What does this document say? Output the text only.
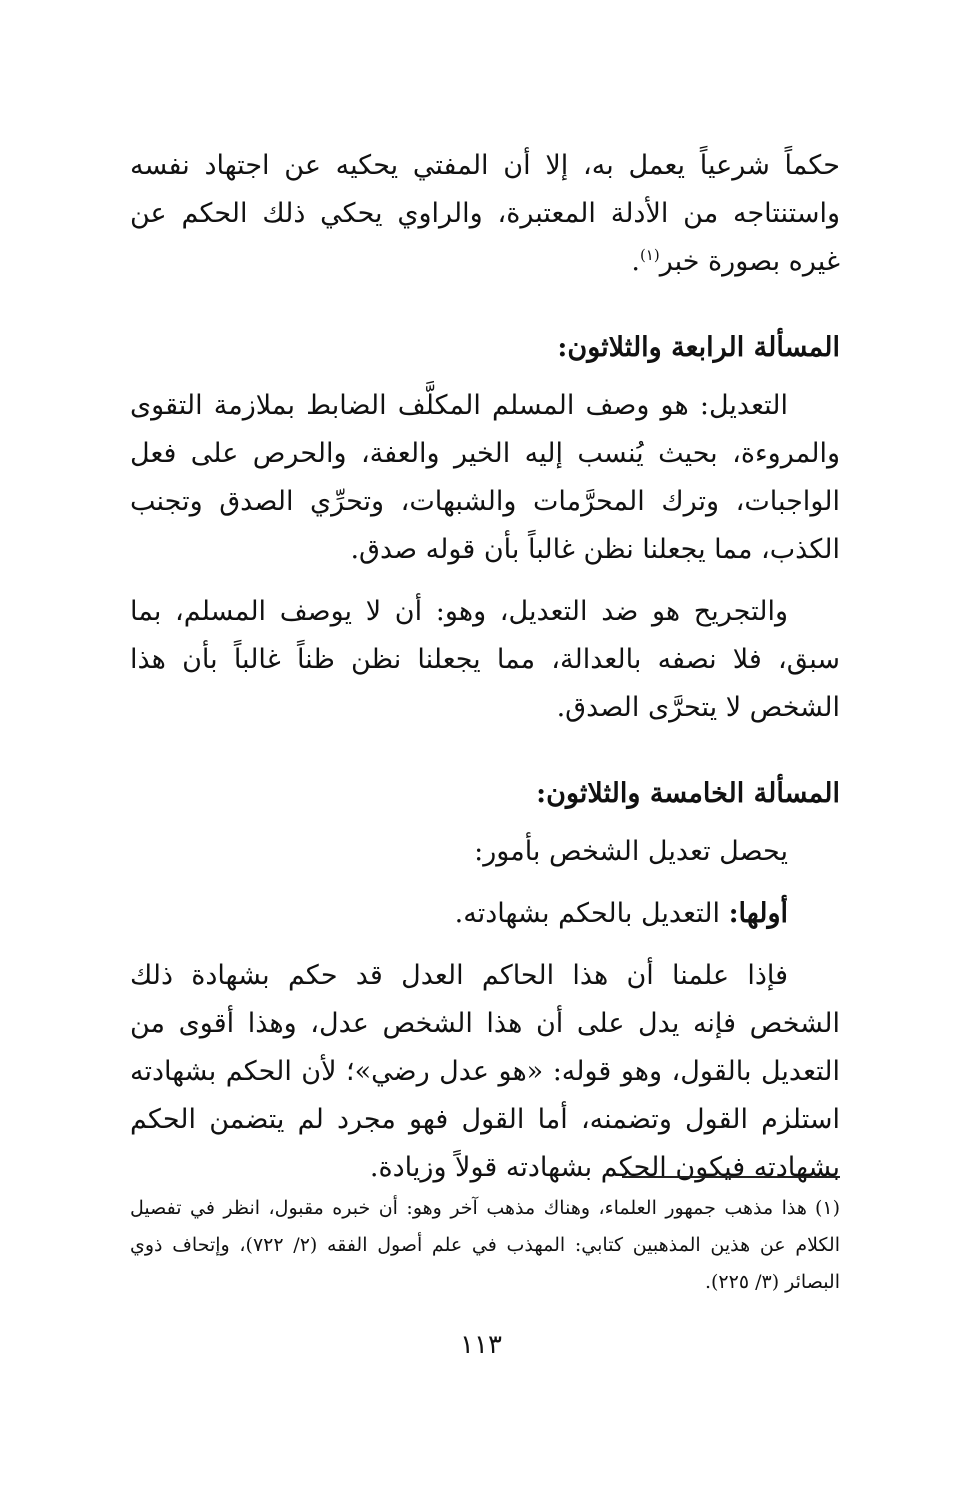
حكماً شرعياً يعمل به، إلا أن المفتي يحكيه عن اجتهاد نفسه واستنتاجه من الأدلة المعتبرة، والراوي يحكي ذلك الحكم عن غيره بصورة خبر$^{(١)}$.

المسألة الرابعة والثلاثون:

التعديل: هو وصف المسلم المكلَّف الضابط بملازمة التقوى والمروءة، بحيث يُنسب إليه الخير والعفة، والحرص على فعل الواجبات، وترك المحرَّمات والشبهات، وتحرِّي الصدق وتجنب الكذب، مما يجعلنا نظن غالباً بأن قوله صدق.

والتجريح هو ضد التعديل، وهو: أن لا يوصف المسلم، بما سبق، فلا نصفه بالعدالة، مما يجعلنا نظن ظناً غالباً بأن هذا الشخص لا يتحرَّى الصدق.

المسألة الخامسة والثلاثون:

يحصل تعديل الشخص بأمور:

أولها: التعديل بالحكم بشهادته.

فإذا علمنا أن هذا الحاكم العدل قد حكم بشهادة ذلك الشخص فإنه يدل على أن هذا الشخص عدل، وهذا أقوى من التعديل بالقول، وهو قوله: «هو عدل رضي»؛ لأن الحكم بشهادته استلزم القول وتضمنه، أما القول فهو مجرد لم يتضمن الحكم بشهادته فيكون الحكم بشهادته قولاً وزيادة.

(١)هذا مذهب جمهور العلماء، وهناك مذهب آخر وهو: أن خبره مقبول، انظر في تفصيل الكلام عن هذين المذهبين كتابي: المهذب في علم أصول الفقه (٢/ ٧٢٢)، وإتحاف ذوي البصائر (٣/ ٢٢٥).

١١٣
